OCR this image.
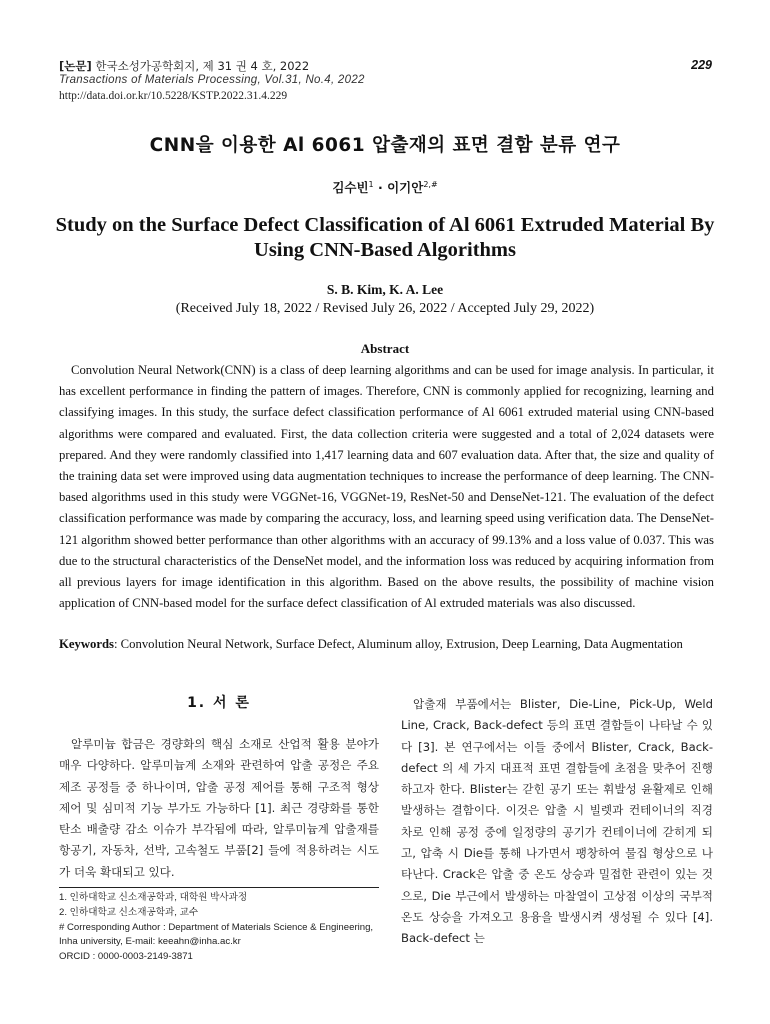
[논문] 한국소성가공학회지, 제 31 권 4 호, 2022	229
Transactions of Materials Processing, Vol.31, No.4, 2022
http://data.doi.or.kr/10.5228/KSTP.2022.31.4.229
CNN을 이용한 Al 6061 압출재의 표면 결함 분류 연구
김수빈$^1$ · 이기안$^{2,\#}$
Study on the Surface Defect Classification of Al 6061 Extruded Material By Using CNN-Based Algorithms
S. B. Kim, K. A. Lee
(Received July 18, 2022 / Revised July 26, 2022 / Accepted July 29, 2022)
Abstract
Convolution Neural Network(CNN) is a class of deep learning algorithms and can be used for image analysis. In particular, it has excellent performance in finding the pattern of images. Therefore, CNN is commonly applied for recognizing, learning and classifying images. In this study, the surface defect classification performance of Al 6061 extruded material using CNN-based algorithms were compared and evaluated. First, the data collection criteria were suggested and a total of 2,024 datasets were prepared. And they were randomly classified into 1,417 learning data and 607 evaluation data. After that, the size and quality of the training data set were improved using data augmentation techniques to increase the performance of deep learning. The CNN-based algorithms used in this study were VGGNet-16, VGGNet-19, ResNet-50 and DenseNet-121. The evaluation of the defect classification performance was made by comparing the accuracy, loss, and learning speed using verification data. The DenseNet-121 algorithm showed better performance than other algorithms with an accuracy of 99.13% and a loss value of 0.037. This was due to the structural characteristics of the DenseNet model, and the information loss was reduced by acquiring information from all previous layers for image identification in this algorithm. Based on the above results, the possibility of machine vision application of CNN-based model for the surface defect classification of Al extruded materials was also discussed.
Keywords: Convolution Neural Network, Surface Defect, Aluminum alloy, Extrusion, Deep Learning, Data Augmentation
1. 서 론
알루미늄 합금은 경량화의 핵심 소재로 산업적 활용 분야가 매우 다양하다. 알루미늄계 소재와 관련하여 압출 공정은 주요 제조 공정들 중 하나이며, 압출 공정 제어를 통해 구조적 형상 제어 및 심미적 기능 부가도 가능하다 [1]. 최근 경량화를 통한 탄소 배출량 감소 이슈가 부각됨에 따라, 알루미늄계 압출재를 항공기, 자동차, 선박, 고속철도 부품[2] 들에 적용하려는 시도가 더욱 확대되고 있다.
1. 인하대학교 신소재공학과, 대학원 박사과정
2. 인하대학교 신소재공학과, 교수
# Corresponding Author : Department of Materials Science & Engineering,
Inha university, E-mail: keeahn@inha.ac.kr
ORCID : 0000-0003-2149-3871
압출재 부품에서는 Blister, Die-Line, Pick-Up, Weld Line, Crack, Back-defect 등의 표면 결함들이 나타날 수 있다 [3]. 본 연구에서는 이들 중에서 Blister, Crack, Back-defect 의 세 가지 대표적 표면 결함들에 초점을 맞추어 진행하고자 한다. Blister는 갇힌 공기 또는 휘발성 윤활제로 인해 발생하는 결함이다. 이것은 압출 시 빌렛과 컨테이너의 직경 차로 인해 공정 중에 일정량의 공기가 컨테이너에 갇히게 되고, 압축 시 Die를 통해 나가면서 팽창하여 물집 형상으로 나타난다. Crack은 압출 중 온도 상승과 밀접한 관련이 있는 것으로, Die 부근에서 발생하는 마찰열이 고상점 이상의 국부적 온도 상승을 가져오고 용융을 발생시켜 생성될 수 있다 [4]. Back-defect 는
